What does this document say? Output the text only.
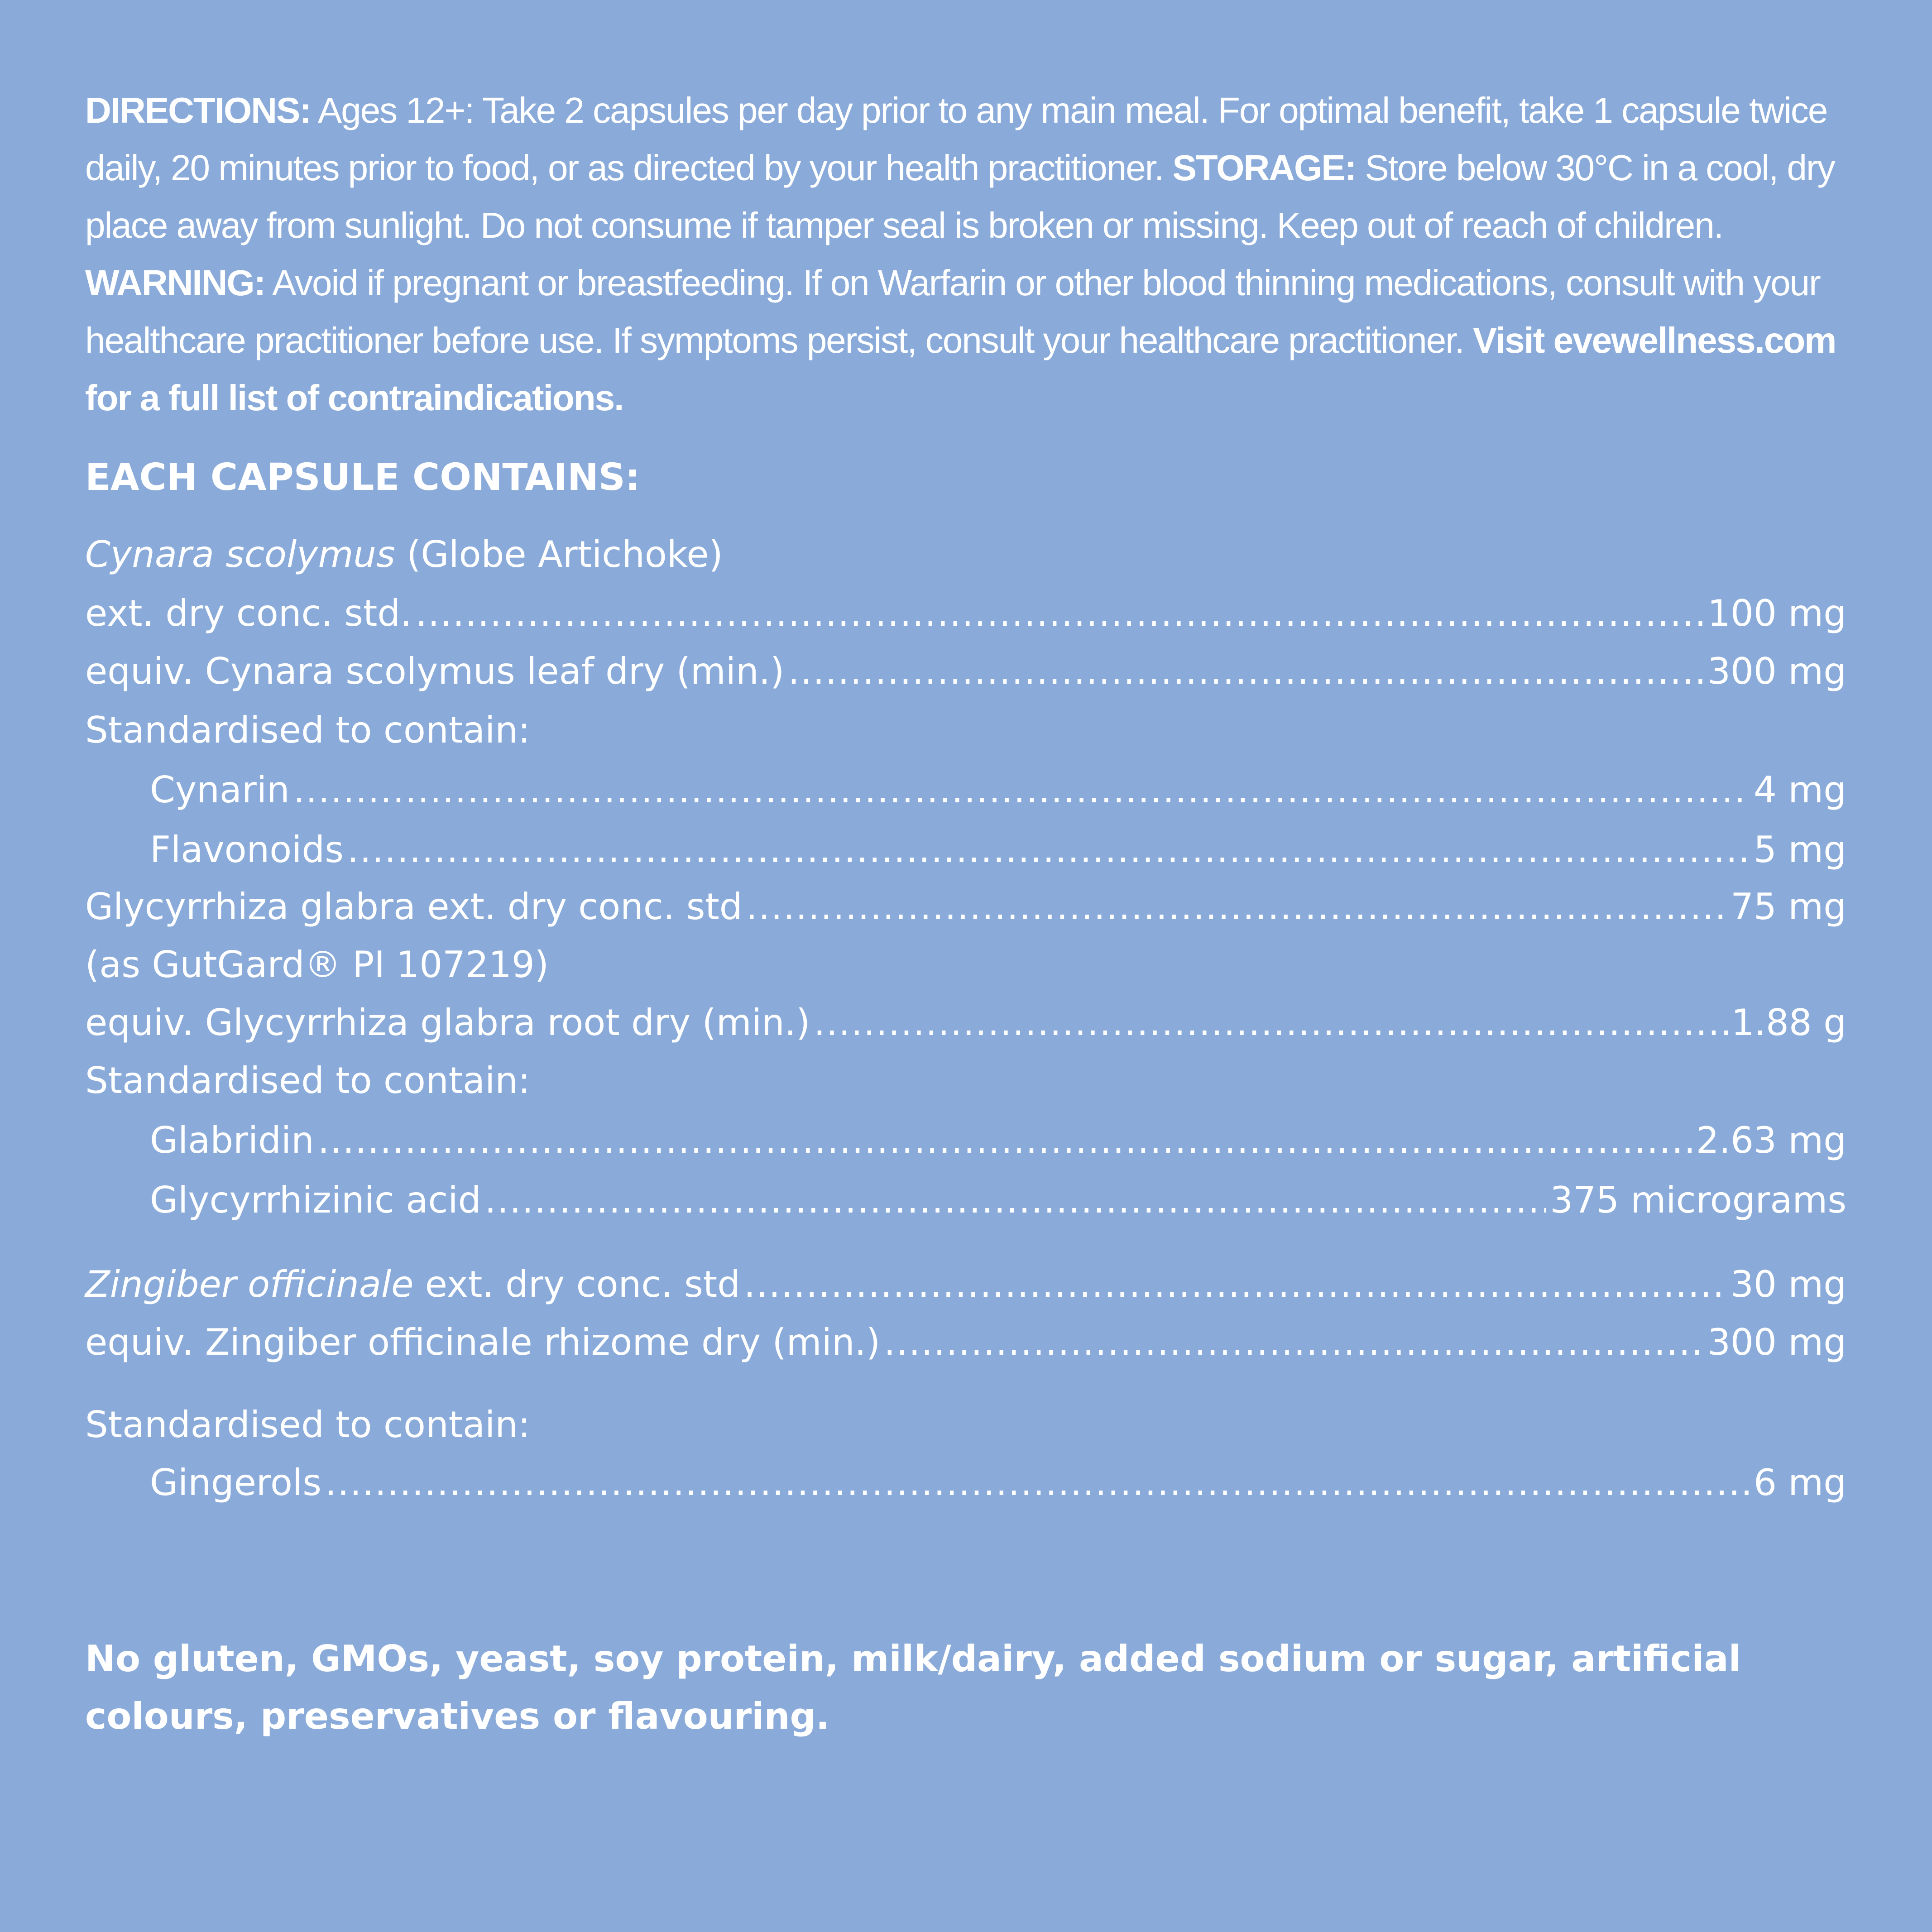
DIRECTIONS: Ages 12+: Take 2 capsules per day prior to any main meal. For optimal benefit, take 1 capsule twice daily, 20 minutes prior to food, or as directed by your health practitioner. STORAGE: Store below 30°C in a cool, dry place away from sunlight. Do not consume if tamper seal is broken or missing. Keep out of reach of children. WARNING: Avoid if pregnant or breastfeeding. If on Warfarin or other blood thinning medications, consult with your healthcare practitioner before use. If symptoms persist, consult your healthcare practitioner. Visit evewellness.com for a full list of contraindications.

EACH CAPSULE CONTAINS:
Cynara scolymus (Globe Artichoke)
ext. dry conc. std. .....	100 mg
equiv. Cynara scolymus leaf dry (min.) .....	300 mg
Standardised to contain:
Cynarin .....	4 mg
Flavonoids .....	5 mg
Glycyrrhiza glabra ext. dry conc. std .....	75 mg
(as GutGard® PI 107219)
equiv. Glycyrrhiza glabra root dry (min.) .....	1.88 g
Standardised to contain:
Glabridin .....	2.63 mg
Glycyrrhizinic acid .....	375 micrograms
Zingiber officinale ext. dry conc. std .....	30 mg
equiv. Zingiber officinale rhizome dry (min.) .....	300 mg
Standardised to contain:
Gingerols .....	6 mg

No gluten, GMOs, yeast, soy protein, milk/dairy, added sodium or sugar, artificial colours, preservatives or flavouring.
